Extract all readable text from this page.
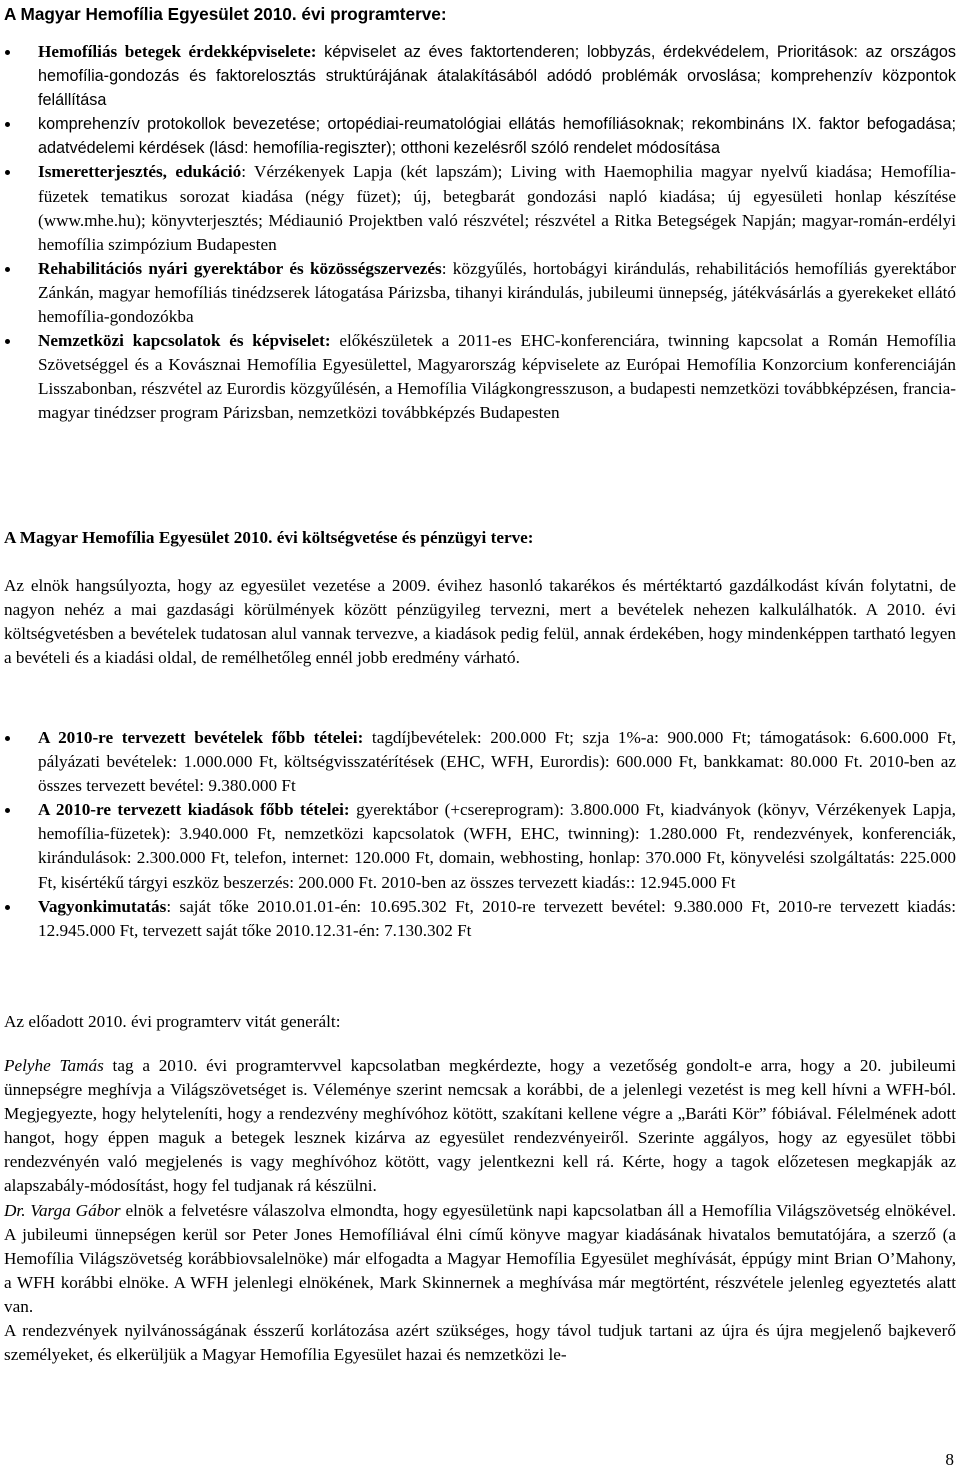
A Magyar Hemofília Egyesület 2010. évi programterve:
Hemofíliás betegek érdekképviselete: képviselet az éves faktortenderen; lobbyzás, érdekvédelem, Prioritások: az országos hemofília-gondozás és faktorelosztás struktúrájának átalakításából adódó problémák orvoslása; komprehenzív központok felállítása
komprehenzív protokollok bevezetése; ortopédiai-reumatológiai ellátás hemofíliásoknak; rekombináns IX. faktor befogadása; adatvédelemi kérdések (lásd: hemofília-regiszter); otthoni kezelésről szóló rendelet módosítása
Ismeretterjesztés, edukáció: Vérzékenyek Lapja (két lapszám); Living with Haemophilia magyar nyelvű kiadása; Hemofília-füzetek tematikus sorozat kiadása (négy füzet); új, betegbarát gondozási napló kiadása; új egyesületi honlap készítése (www.mhe.hu); könyvterjesztés; Médiaunió Projektben való részvétel; részvétel a Ritka Betegségek Napján; magyar-román-erdélyi hemofília szimpózium Budapesten
Rehabilitációs nyári gyerektábor és közösségszervezés: közgyűlés, hortobágyi kirándulás, rehabilitációs hemofíliás gyerektábor Zánkán, magyar hemofíliás tinédzserek látogatása Párizsba, tihanyi kirándulás, jubileumi ünnepség, játékvásárlás a gyerekeket ellátó hemofília-gondozókba
Nemzetközi kapcsolatok és képviselet: előkészületek a 2011-es EHC-konferenciára, twinning kapcsolat a Román Hemofília Szövetséggel és a Kovásznai Hemofília Egyesülettel, Magyarország képviselete az Európai Hemofília Konzorcium konferenciáján Lisszabonban, részvétel az Eurordis közgyűlésén, a Hemofília Világkongresszuson, a budapesti nemzetközi továbbképzésen, francia-magyar tinédzser program Párizsban, nemzetközi továbbképzés Budapesten
A Magyar Hemofília Egyesület 2010. évi költségvetése és pénzügyi terve:

Az elnök hangsúlyozta, hogy az egyesület vezetése a 2009. évihez hasonló takarékos és mértéktartó gazdálkodást kíván folytatni, de nagyon nehéz a mai gazdasági körülmények között pénzügyileg tervezni, mert a bevételek nehezen kalkulálhatók. A 2010. évi költségvetésben a bevételek tudatosan alul vannak tervezve, a kiadások pedig felül, annak érdekében, hogy mindenképpen tartható legyen a bevételi és a kiadási oldal, de remélhetőleg ennél jobb eredmény várható.

A 2010-re tervezett bevételek főbb tételei: tagdíjbevételek: 200.000 Ft; szja 1%-a: 900.000 Ft; támogatások: 6.600.000 Ft, pályázati bevételek: 1.000.000 Ft, költségvisszatérítések (EHC, WFH, Eurordis): 600.000 Ft, bankkamat: 80.000 Ft. 2010-ben az összes tervezett bevétel: 9.380.000 Ft
A 2010-re tervezett kiadások főbb tételei: gyerektábor (+csereprogram): 3.800.000 Ft, kiadványok (könyv, Vérzékenyek Lapja, hemofília-füzetek): 3.940.000 Ft, nemzetközi kapcsolatok (WFH, EHC, twinning): 1.280.000 Ft, rendezvények, konferenciák, kirándulások: 2.300.000 Ft, telefon, internet: 120.000 Ft, domain, webhosting, honlap: 370.000 Ft, könyvelési szolgáltatás: 225.000 Ft, kisértékű tárgyi eszköz beszerzés: 200.000 Ft. 2010-ben az összes tervezett kiadás:: 12.945.000 Ft
Vagyonkimutatás: saját tőke 2010.01.01-én: 10.695.302 Ft, 2010-re tervezett bevétel: 9.380.000 Ft, 2010-re tervezett kiadás: 12.945.000 Ft, tervezett saját tőke 2010.12.31-én: 7.130.302 Ft

Az előadott 2010. évi programterv vitát generált:

Pelyhe Tamás tag a 2010. évi programtervvel kapcsolatban megkérdezte, hogy a vezetőség gondolt-e arra, hogy a 20. jubileumi ünnepségre meghívja a Világszövetséget is. Véleménye szerint nemcsak a korábbi, de a jelenlegi vezetést is meg kell hívni a WFH-ból. Megjegyezte, hogy helyteleníti, hogy a rendezvény meghívóhoz kötött, szakítani kellene végre a „Baráti Kör” fóbiával. Félelmének adott hangot, hogy éppen maguk a betegek lesznek kizárva az egyesület rendezvényeiről. Szerinte aggályos, hogy az egyesület többi rendezvényén való megjelenés is vagy meghívóhoz kötött, vagy jelentkezni kell rá. Kérte, hogy a tagok előzetesen megkapják az alapszabály-módosítást, hogy fel tudjanak rá készülni.

Dr. Varga Gábor elnök a felvetésre válaszolva elmondta, hogy egyesületünk napi kapcsolatban áll a Hemofília Világszövetség elnökével. A jubileumi ünnepségen kerül sor Peter Jones Hemofíliával élni című könyve magyar kiadásának hivatalos bemutatójára, a szerző (a Hemofília Világszövetség korábbiovsalelnöke) már elfogadta a Magyar Hemofília Egyesület meghívását, éppúgy mint Brian O’Mahony, a WFH korábbi elnöke. A WFH jelenlegi elnökének, Mark Skinnernek a meghívása már megtörtént, részvétele jelenleg egyeztetés alatt van.

A rendezvények nyilvánosságának ésszerű korlátozása azért szükséges, hogy távol tudjuk tartani az újra és újra megjelenő bajkeverő személyeket, és elkerüljük a Magyar Hemofília Egyesület hazai és nemzetközi le-

8
